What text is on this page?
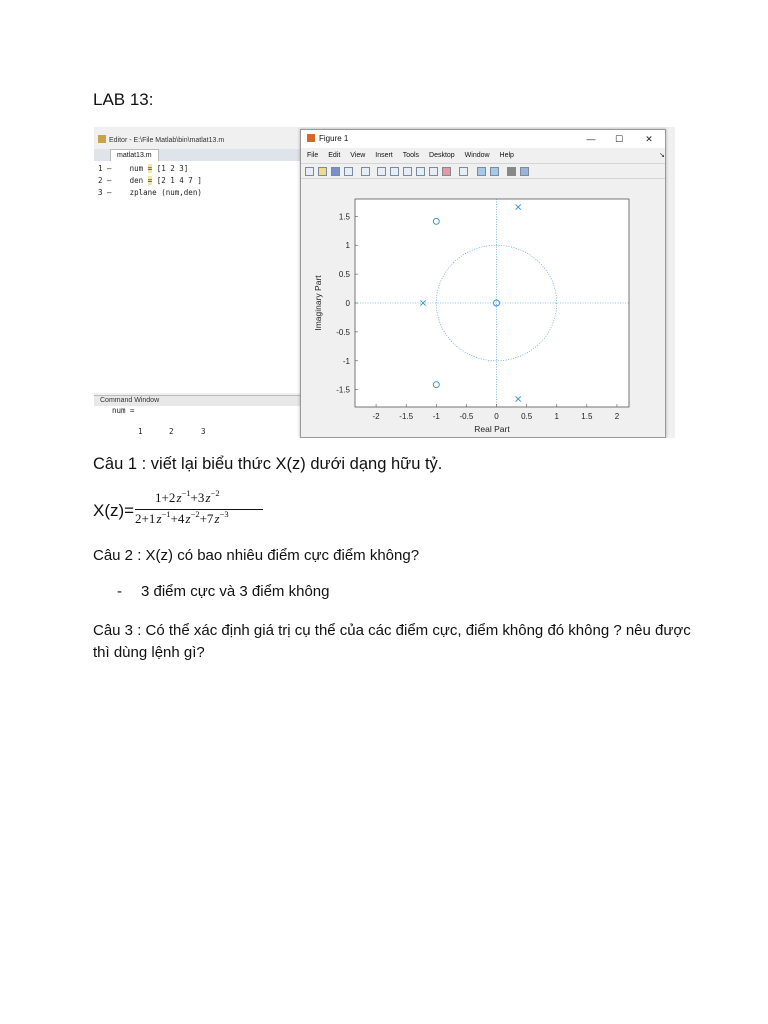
LAB 13:
Editor - E:\File Matlab\bin\matlat13.m
matlat13.m
1 — num = [1 2 3]
2 — den = [2 1 4 7 ]
3 — zplane (num,den)
Command Window
num =
1	2	3
Figure 1	—	☐	✕
File Edit View Insert Tools Desktop Window Help	↘
-2 -1.5 -1 -0.5	0	0.5	1	1.5	2
-1.5
-1
-0.5
0
0.5
1
1.5
Real Part
Imaginary Part
Câu 1 : viết lại biểu thức X(z) dưới dạng hữu tỷ.
X(z)=
1+2 $z^{-1}+3$ $z^{-2}$
2+1 $z^{-1}+4$ $z^{-2}+7$ $z^{-3}$
Câu 2 : X(z) có bao nhiêu điểm cực điểm không?
- 3 điểm cực và 3 điểm không
Câu 3 : Có thể xác định giá trị cụ thể của các điểm cực, điểm không đó không ? nêu được thì dùng lệnh gì?
